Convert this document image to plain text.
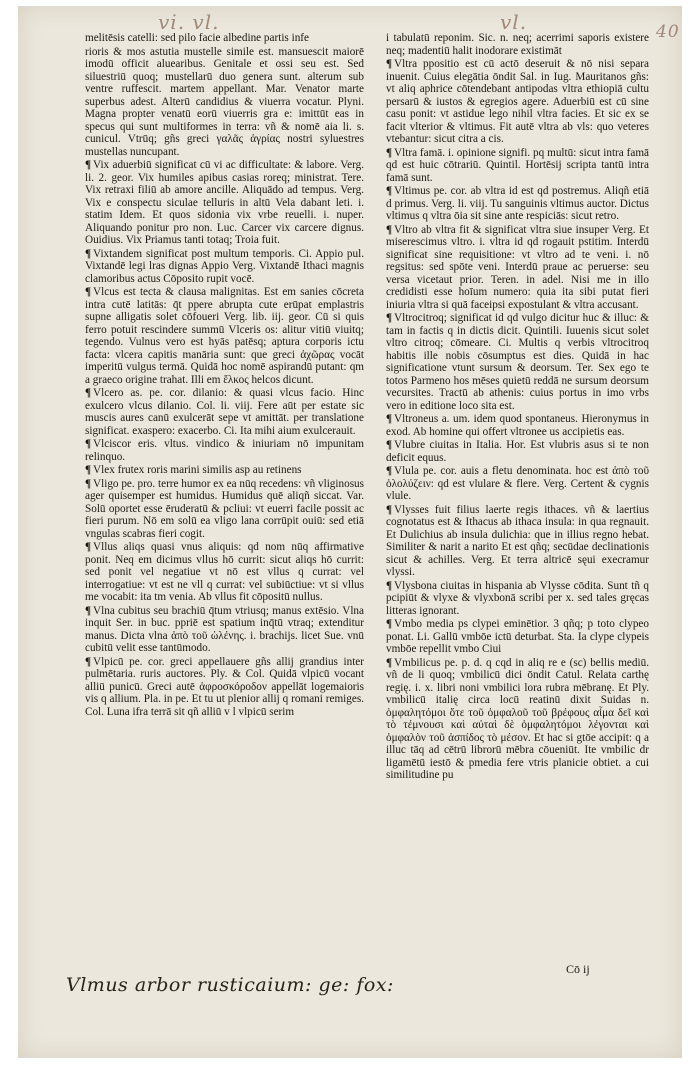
vi. vl.	vl.	40

melitēsis catelli: sed pilo facie albedine partis infe

rioris & mos astutia mustelle simile est. mansuescit maiorē imodū officit aluearibus. Genitale et ossi seu est. Sed siluestriū quoq; mustellarū duo genera sunt. alterum sub ventre ruffescit. martem appellant. Mar. Venator marte superbus adest. Alterū candidius & viuerra vocatur. Plyni. Magna propter venatū eorū viuerris gra e: imittūt eas in specus qui sunt multiformes in terra: vñ & nomē aia li. s. cunicul. Vtrūq; gñs greci γαλᾶς ἀγρίας nostri syluestres mustellas nuncupant.

¶ Vix aduerbiū significat cū vi ac difficultate: & labore. Verg. li. 2. geor. Vix humiles apibus casias roreq; ministrat. Tere. Vix retraxi filiū ab amore ancille. Aliquādo ad tempus. Verg. Vix e conspectu siculae telluris in altū Vela dabant leti. i. statim Idem. Et quos sidonia vix vrbe reuelli. i. nuper. Aliquando ponitur pro non. Luc. Carcer vix carcere dignus. Ouidius. Vix Priamus tanti totaq; Troia fuit.

¶ Vixtandem significat post multum temporis. Ci. Appio pul. Vixtandē legi lras dignas Appio Verg. Vixtandē Ithaci magnis clamoribus actus Cōposito rupit vocē.

¶ Vlcus est tecta & clausa malignitas. Est em sanies cōcreta intra cutē latitās: q̄t ppere abrupta cute erūpat emplastris supne alligatis solet cōfoueri Verg. lib. iij. geor. Cū si quis ferro potuit rescindere summū Vlceris os: alitur vitiū viuitq; tegendo. Vulnus vero est hyās patēsq; aptura corporis ictu facta: vlcera capitis manāria sunt: que greci ἀχῶρας vocāt imperitū vulgus termā. Quidā hoc nomē aspirandū putant: qm a graeco origine trahat. Illi em ἕλκος helcos dicunt.

¶ Vlcero as. pe. cor. dilanio: & quasi vlcus facio. Hinc exulcero vlcus dilanio. Col. li. viij. Fere aūt per estate sic muscis aures canū exulcerāt sepe vt amittāt. per translatione significat. exaspero: exacerbo. Ci. Ita mihi aium exulcerauit.

¶ Vlciscor eris. vltus. vindico & iniuriam nō impunitam relinquo.

¶ Vlex frutex roris marini similis asp au retinens

¶ Vligo pe. pro. terre humor ex ea nūq recedens: vñ vliginosus ager quisemper est humidus. Humidus quē aliqñ siccat. Var. Solū oportet esse ēruderatū & pcliui: vt euerri facile possit ac fieri purum. Nō em solū ea vligo lana corrūpit ouiū: sed etiā vngulas scabras fieri cogit.

¶ Vllus aliqs quasi vnus aliquis: qd nom nūq affirmative ponit. Neq em dicimus vllus hō currit: sicut aliqs hō currit: sed ponit vel negatiue vt nō est vllus q currat: vel interrogatiue: vt est ne vll q currat: vel subiūctiue: vt si vllus me vocabit: ita tm venia. Ab vllus fit cōpositū nullus.

¶ Vlna cubitus seu brachiū q̄tum vtriusq; manus extēsio. Vlna inquit Ser. in buc. ppriē est spatium inq̄tū vtraq; extenditur manus. Dicta vlna ἀπὸ τοῦ ὠλένης. i. brachijs. licet Sue. vnū cubitū velit esse tantūmodo.

¶ Vlpicū pe. cor. greci appellauere gñs allij grandius inter pulmētaria. ruris auctores. Ply. & Col. Quidā vlpicū vocant alliū punicū. Greci autē ἀφροσκόροδον appellāt logemaioris vis q allium. Pla. in pe. Et tu ut plenior allij q romani remiges. Col. Luna ifra terrā sit qñ alliū v l vlpicū serim

i tabulatū reponim. Sic. n. neq; acerrimi saporis existere neq; madentiū halit inodorare existimāt

¶ Vltra ppositio est cū actō deseruit & nō nisi separa inuenit. Cuius elegātia ōndit Sal. in Iug. Mauritanos gñs: vt aliq aphrice cōtendebant antipodas vltra ethiopiā cultu persarū & iustos & egregios agere. Aduerbiū est cū sine casu ponit: vt astidue lego nihil vltra facies. Et sic ex se facit vlterior & vltimus. Fit autē vltra ab vls: quo veteres vtebantur: sicut citra a cis.

¶ Vltra famā. i. opinione signifi. pq multū: sicut intra famā qd est huic cōtrariū. Quintil. Hortēsij scripta tantū intra famā sunt.

¶ Vltimus pe. cor. ab vltra id est qd postremus. Aliqñ etiā d primus. Verg. li. viij. Tu sanguinis vltimus auctor. Dictus vltimus q vltra ōia sit sine ante respiciās: sicut retro.

¶ Vltro ab vltra fit & significat vltra siue insuper Verg. Et miserescimus vltro. i. vltra id qd rogauit pstitim. Interdū significat sine requisitione: vt vltro ad te veni. i. nō regsitus: sed spōte veni. Interdū praue ac peruerse: seu versa vicetaut prior. Teren. in adel. Nisi me in illo credidisti esse hoīum numero: quia ita sibi putat fieri iniuria vltra si quā faceipsi expostulant & vltra accusant.

¶ Vltrocitroq; significat id qd vulgo dicitur huc & illuc: & tam in factis q in dictis dicit. Quintili. Iuuenis sicut solet vltro citroq; cōmeare. Ci. Multis q verbis vltrocitroq habitis ille nobis cōsumptus est dies. Quidā in hac significatione vtunt sursum & deorsum. Ter. Sex ego te totos Parmeno hos mēses quietū reddā ne sursum deorsum vecursites. Tractū ab athenis: cuius portus in imo vrbs vero in editione loco sita est.

¶ Vltroneus a. um. idem quod spontaneus. Hieronymus in exod. Ab homine qui offert vltronee us accipietis eas.

¶ Vlubre ciuitas in Italia. Hor. Est vlubris asus si te non deficit equus.

¶ Vlula pe. cor. auis a fletu denominata. hoc est ἀπὸ τοῦ ὀλολύζειν: qd est vlulare & flere. Verg. Certent & cygnis vlule.

¶ Vlysses fuit filius laerte regis ithaces. vñ & laertius cognotatus est & Ithacus ab ithaca insula: in qua regnauit. Et Dulichius ab insula dulichia: que in illius regno hebat. Similiter & narit a narito Et est qñq; secūdae declinationis sicut & achilles. Verg. Et terra altricē sęui execramur vlyssi.

¶ Vlysbona ciuitas in hispania ab Vlysse cōdita. Sunt tñ q pcipiūt & vlyxe & vlyxbonā scribi per x. sed tales gręcas litteras ignorant.

¶ Vmbo media ps clypei eminētior. 3 qñq; p toto clypeo ponat. Li. Gallū vmbōe ictū deturbat. Sta. Ia clype clypeis vmbōe repellit vmbo Ciui

¶ Vmbilicus pe. p. d. q cqd in aliq re e (sc) bellis mediū. vñ de li quoq; vmbilicū dici ōndit Catul. Relata carthę regię. i. x. libri noni vmbilici lora rubra mēbranę. Et Ply. vmbilicū italię circa locū reatinū dixit Suidas n. ὀμφαλητόμοι ὅτε τοῦ ὀμφαλοῦ τοῦ βρέφους αἷμα δεῖ καὶ τὸ τέμνουσι καὶ αὐταὶ δὲ ὀμφαλητόμοι λέγονται καὶ ὀμφαλὸν τοῦ ἀσπίδος τὸ μέσον. Et hac si gtōe accipit: q a illuc tāq ad cētrū librorū mēbra cōueniūt. Ite vmbilic dr ligamētū iestō & pmedia fere vtris planicie obtiet. a cui similitudine pu

Cō ij
Vlmus arbor rusticaium: ge: fox:
